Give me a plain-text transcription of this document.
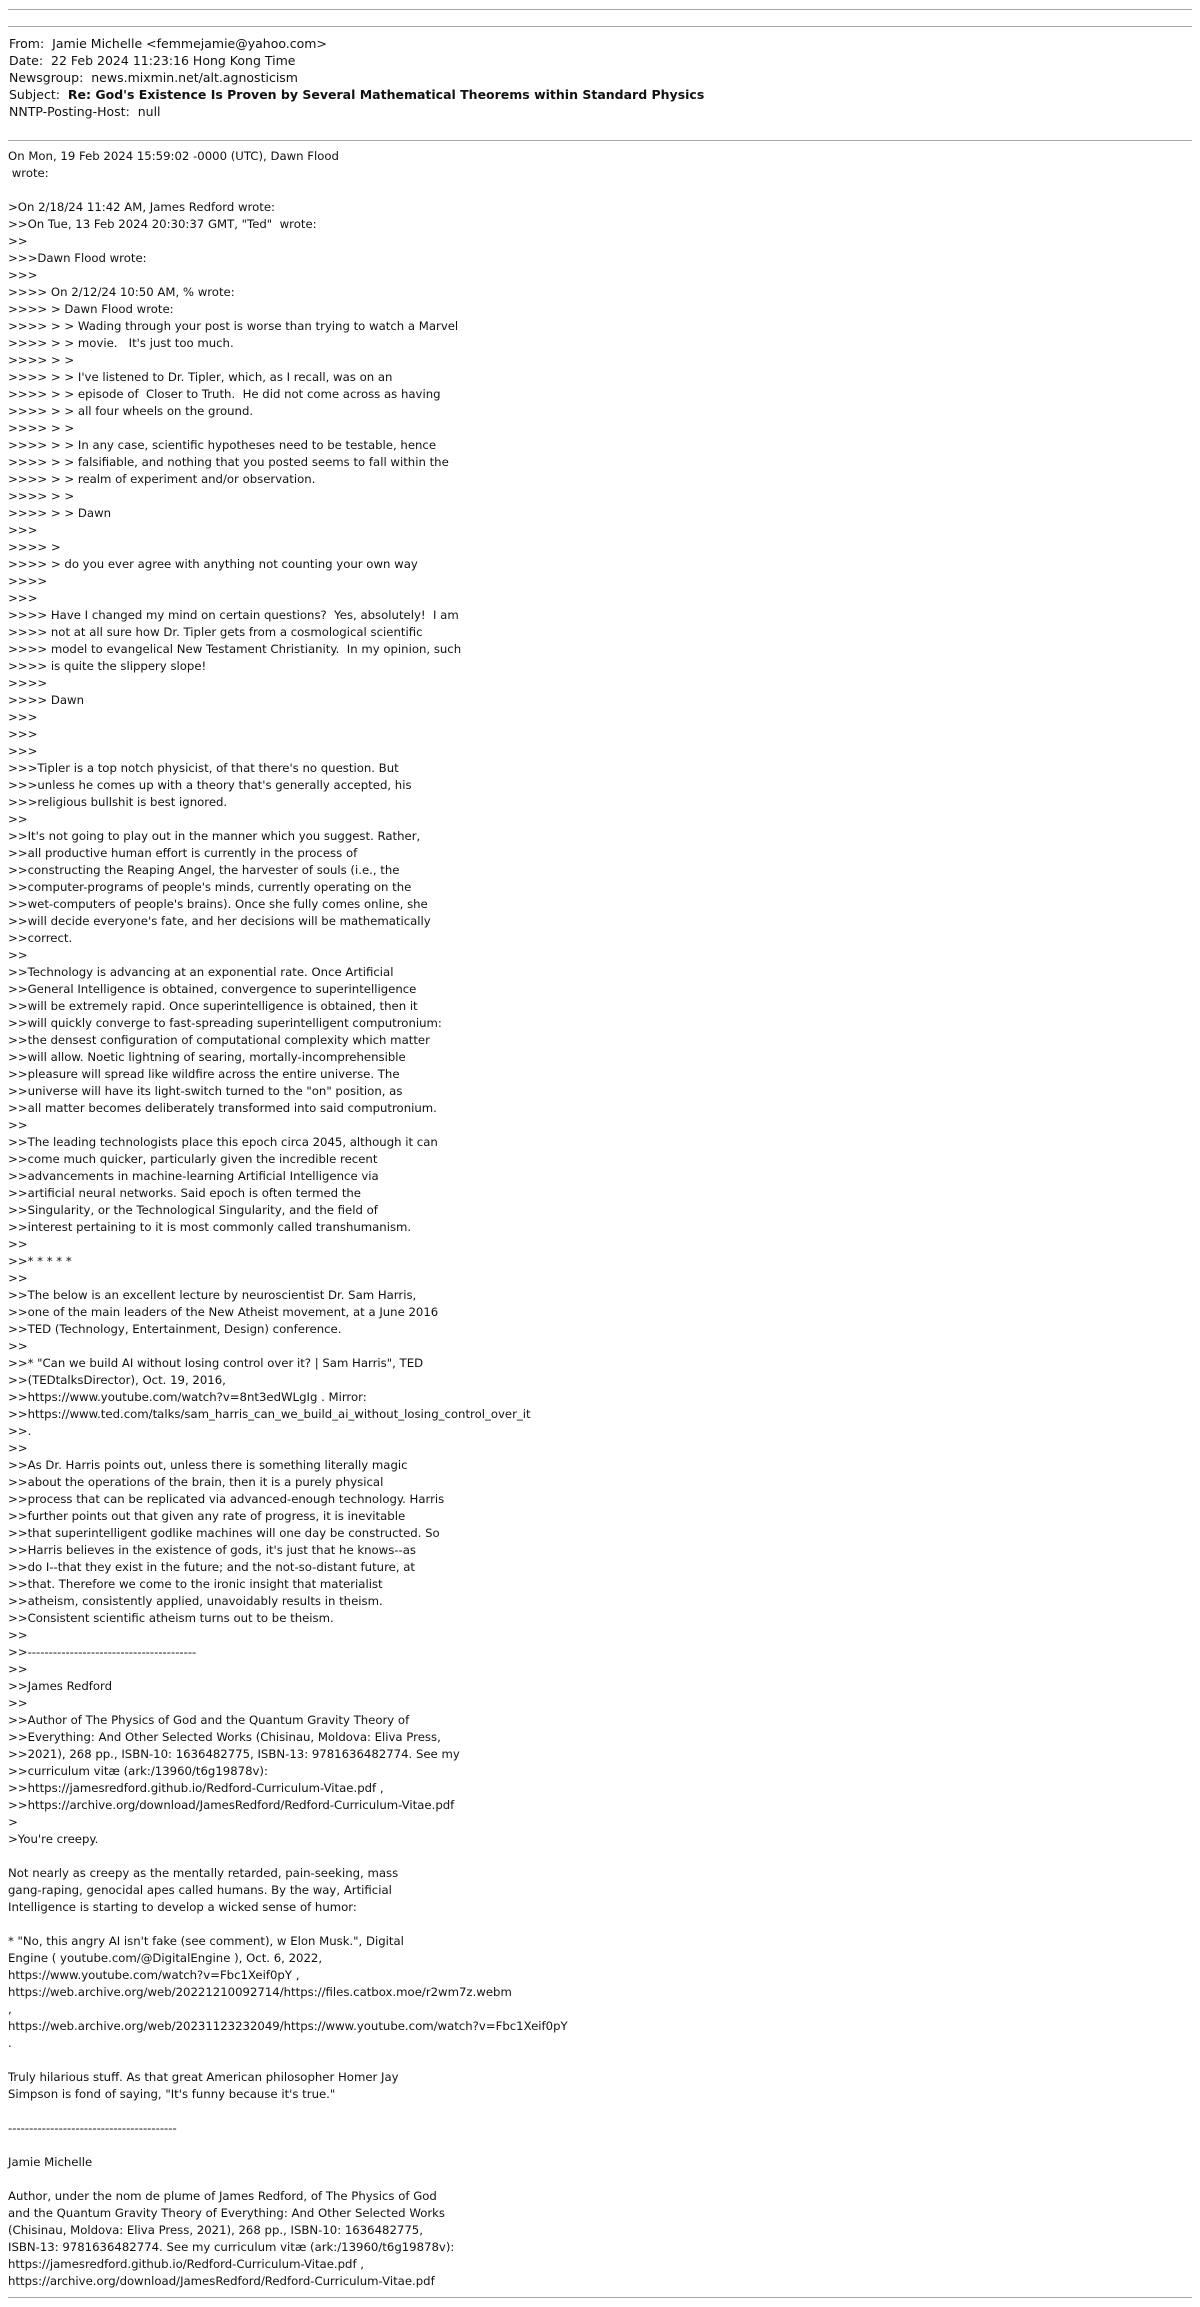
From: Jamie Michelle <femmejamie@yahoo.com>
Date: 22 Feb 2024 11:23:16 Hong Kong Time
Newsgroup: news.mixmin.net/alt.agnosticism
Subject: Re: God's Existence Is Proven by Several Mathematical Theorems within Standard Physics
NNTP-Posting-Host: null
On Mon, 19 Feb 2024 15:59:02 -0000 (UTC), Dawn Flood
wrote:
>On 2/18/24 11:42 AM, James Redford wrote:
>>On Tue, 13 Feb 2024 20:30:37 GMT, "Ted"  wrote:
>>
>>>Dawn Flood wrote:
>>>
>>>> On 2/12/24 10:50 AM, % wrote:
>>>> > Dawn Flood wrote:
>>>> > > Wading through your post is worse than trying to watch a Marvel
>>>> > > movie.   It's just too much.
>>>> > >
>>>> > > I've listened to Dr. Tipler, which, as I recall, was on an
>>>> > > episode of  Closer to Truth.  He did not come across as having
>>>> > > all four wheels on the ground.
>>>> > >
>>>> > > In any case, scientific hypotheses need to be testable, hence
>>>> > > falsifiable, and nothing that you posted seems to fall within the
>>>> > > realm of experiment and/or observation.
>>>> > >
>>>> > > Dawn
>>>
>>>> >
>>>> > do you ever agree with anything not counting your own way
>>>>
>>>
>>>> Have I changed my mind on certain questions?  Yes, absolutely!  I am
>>>> not at all sure how Dr. Tipler gets from a cosmological scientific
>>>> model to evangelical New Testament Christianity.  In my opinion, such
>>>> is quite the slippery slope!
>>>>
>>>> Dawn
>>>
>>>
>>>
>>>Tipler is a top notch physicist, of that there's no question. But
>>>unless he comes up with a theory that's generally accepted, his
>>>religious bullshit is best ignored.
>>
>>It's not going to play out in the manner which you suggest. Rather,
>>all productive human effort is currently in the process of
>>constructing the Reaping Angel, the harvester of souls (i.e., the
>>computer-programs of people's minds, currently operating on the
>>wet-computers of people's brains). Once she fully comes online, she
>>will decide everyone's fate, and her decisions will be mathematically
>>correct.
>>
>>Technology is advancing at an exponential rate. Once Artificial
>>General Intelligence is obtained, convergence to superintelligence
>>will be extremely rapid. Once superintelligence is obtained, then it
>>will quickly converge to fast-spreading superintelligent computronium:
>>the densest configuration of computational complexity which matter
>>will allow. Noetic lightning of searing, mortally-incomprehensible
>>pleasure will spread like wildfire across the entire universe. The
>>universe will have its light-switch turned to the "on" position, as
>>all matter becomes deliberately transformed into said computronium.
>>
>>The leading technologists place this epoch circa 2045, although it can
>>come much quicker, particularly given the incredible recent
>>advancements in machine-learning Artificial Intelligence via
>>artificial neural networks. Said epoch is often termed the
>>Singularity, or the Technological Singularity, and the field of
>>interest pertaining to it is most commonly called transhumanism.
>>
>>* * * * *
>>
>>The below is an excellent lecture by neuroscientist Dr. Sam Harris,
>>one of the main leaders of the New Atheist movement, at a June 2016
>>TED (Technology, Entertainment, Design) conference.
>>
>>* "Can we build AI without losing control over it? | Sam Harris", TED
>>(TEDtalksDirector), Oct. 19, 2016,
>>https://www.youtube.com/watch?v=8nt3edWLgIg . Mirror:
>>https://www.ted.com/talks/sam_harris_can_we_build_ai_without_losing_control_over_it
>>.
>>
>>As Dr. Harris points out, unless there is something literally magic
>>about the operations of the brain, then it is a purely physical
>>process that can be replicated via advanced-enough technology. Harris
>>further points out that given any rate of progress, it is inevitable
>>that superintelligent godlike machines will one day be constructed. So
>>Harris believes in the existence of gods, it's just that he knows--as
>>do I--that they exist in the future; and the not-so-distant future, at
>>that. Therefore we come to the ironic insight that materialist
>>atheism, consistently applied, unavoidably results in theism.
>>Consistent scientific atheism turns out to be theism.
>>
>>----------------------------------------
>>
>>James Redford
>>
>>Author of The Physics of God and the Quantum Gravity Theory of
>>Everything: And Other Selected Works (Chisinau, Moldova: Eliva Press,
>>2021), 268 pp., ISBN-10: 1636482775, ISBN-13: 9781636482774. See my
>>curriculum vitæ (ark:/13960/t6g19878v):
>>https://jamesredford.github.io/Redford-Curriculum-Vitae.pdf ,
>>https://archive.org/download/JamesRedford/Redford-Curriculum-Vitae.pdf
>
>You're creepy.
Not nearly as creepy as the mentally retarded, pain-seeking, mass
gang-raping, genocidal apes called humans. By the way, Artificial
Intelligence is starting to develop a wicked sense of humor:
* "No, this angry AI isn't fake (see comment), w Elon Musk.", Digital
Engine ( youtube.com/@DigitalEngine ), Oct. 6, 2022,
https://www.youtube.com/watch?v=Fbc1Xeif0pY ,
https://web.archive.org/web/20221210092714/https://files.catbox.moe/r2wm7z.webm
,
https://web.archive.org/web/20231123232049/https://www.youtube.com/watch?v=Fbc1Xeif0pY
.
Truly hilarious stuff. As that great American philosopher Homer Jay
Simpson is fond of saying, "It's funny because it's true."
----------------------------------------
Jamie Michelle
Author, under the nom de plume of James Redford, of The Physics of God
and the Quantum Gravity Theory of Everything: And Other Selected Works
(Chisinau, Moldova: Eliva Press, 2021), 268 pp., ISBN-10: 1636482775,
ISBN-13: 9781636482774. See my curriculum vitæ (ark:/13960/t6g19878v):
https://jamesredford.github.io/Redford-Curriculum-Vitae.pdf ,
https://archive.org/download/JamesRedford/Redford-Curriculum-Vitae.pdf
